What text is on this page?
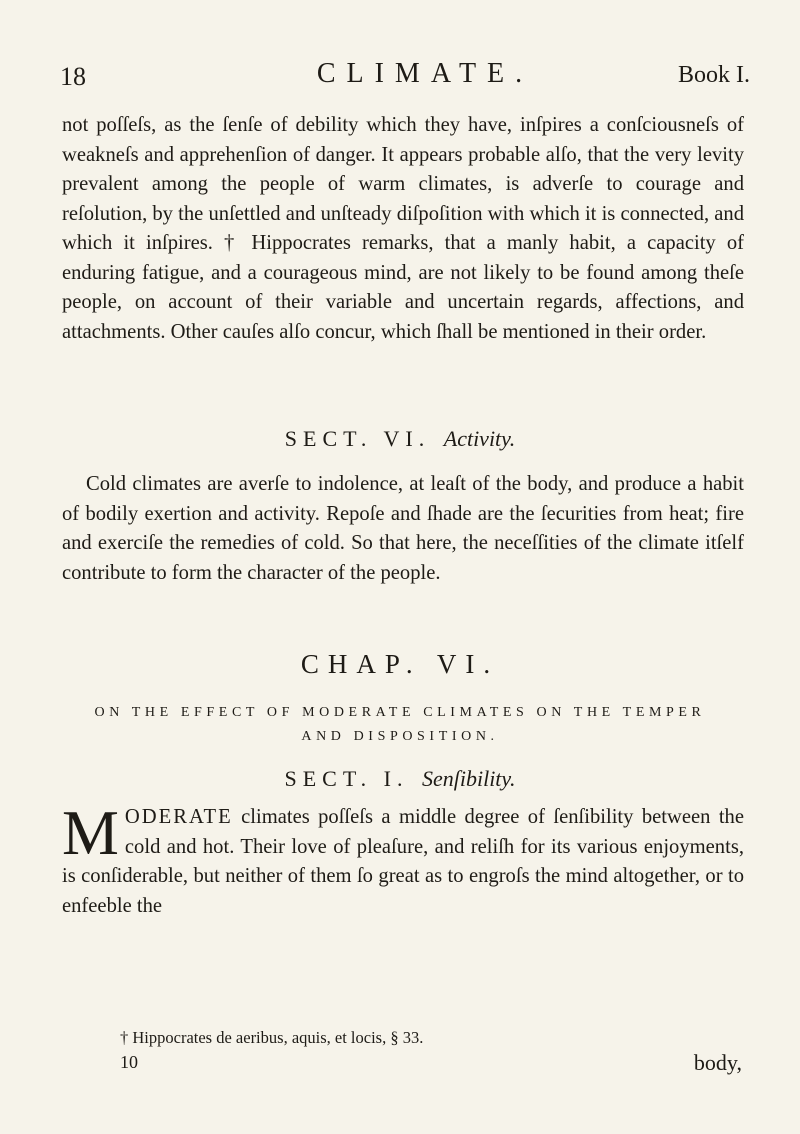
18	CLIMATE.	Book I.

not poſſeſs, as the ſenſe of debility which they have, inſpires a conſciousneſs of weakneſs and apprehenſion of danger. It appears probable alſo, that the very levity prevalent among the people of warm climates, is adverſe to courage and reſolution, by the unſettled and unſteady diſpoſition with which it is connected, and which it inſpires. † Hippocrates remarks, that a manly habit, a capacity of enduring fatigue, and a courageous mind, are not likely to be found among theſe people, on account of their variable and uncertain regards, affections, and attachments. Other cauſes alſo concur, which ſhall be mentioned in their order.

SECT. VI. Activity.

Cold climates are averſe to indolence, at leaſt of the body, and produce a habit of bodily exertion and activity. Repoſe and ſhade are the ſecurities from heat; fire and exerciſe the remedies of cold. So that here, the neceſſities of the climate itſelf contribute to form the character of the people.

CHAP. VI.
ON THE EFFECT OF MODERATE CLIMATES ON THE TEMPER AND DISPOSITION.
SECT. I. Senſibility.

MODERATE climates poſſeſs a middle degree of ſenſibility between the cold and hot. Their love of pleaſure, and reliſh for its various enjoyments, is conſiderable, but neither of them ſo great as to engroſs the mind altogether, or to enfeeble the

† Hippocrates de aeribus, aquis, et locis, § 33.
10	body,
